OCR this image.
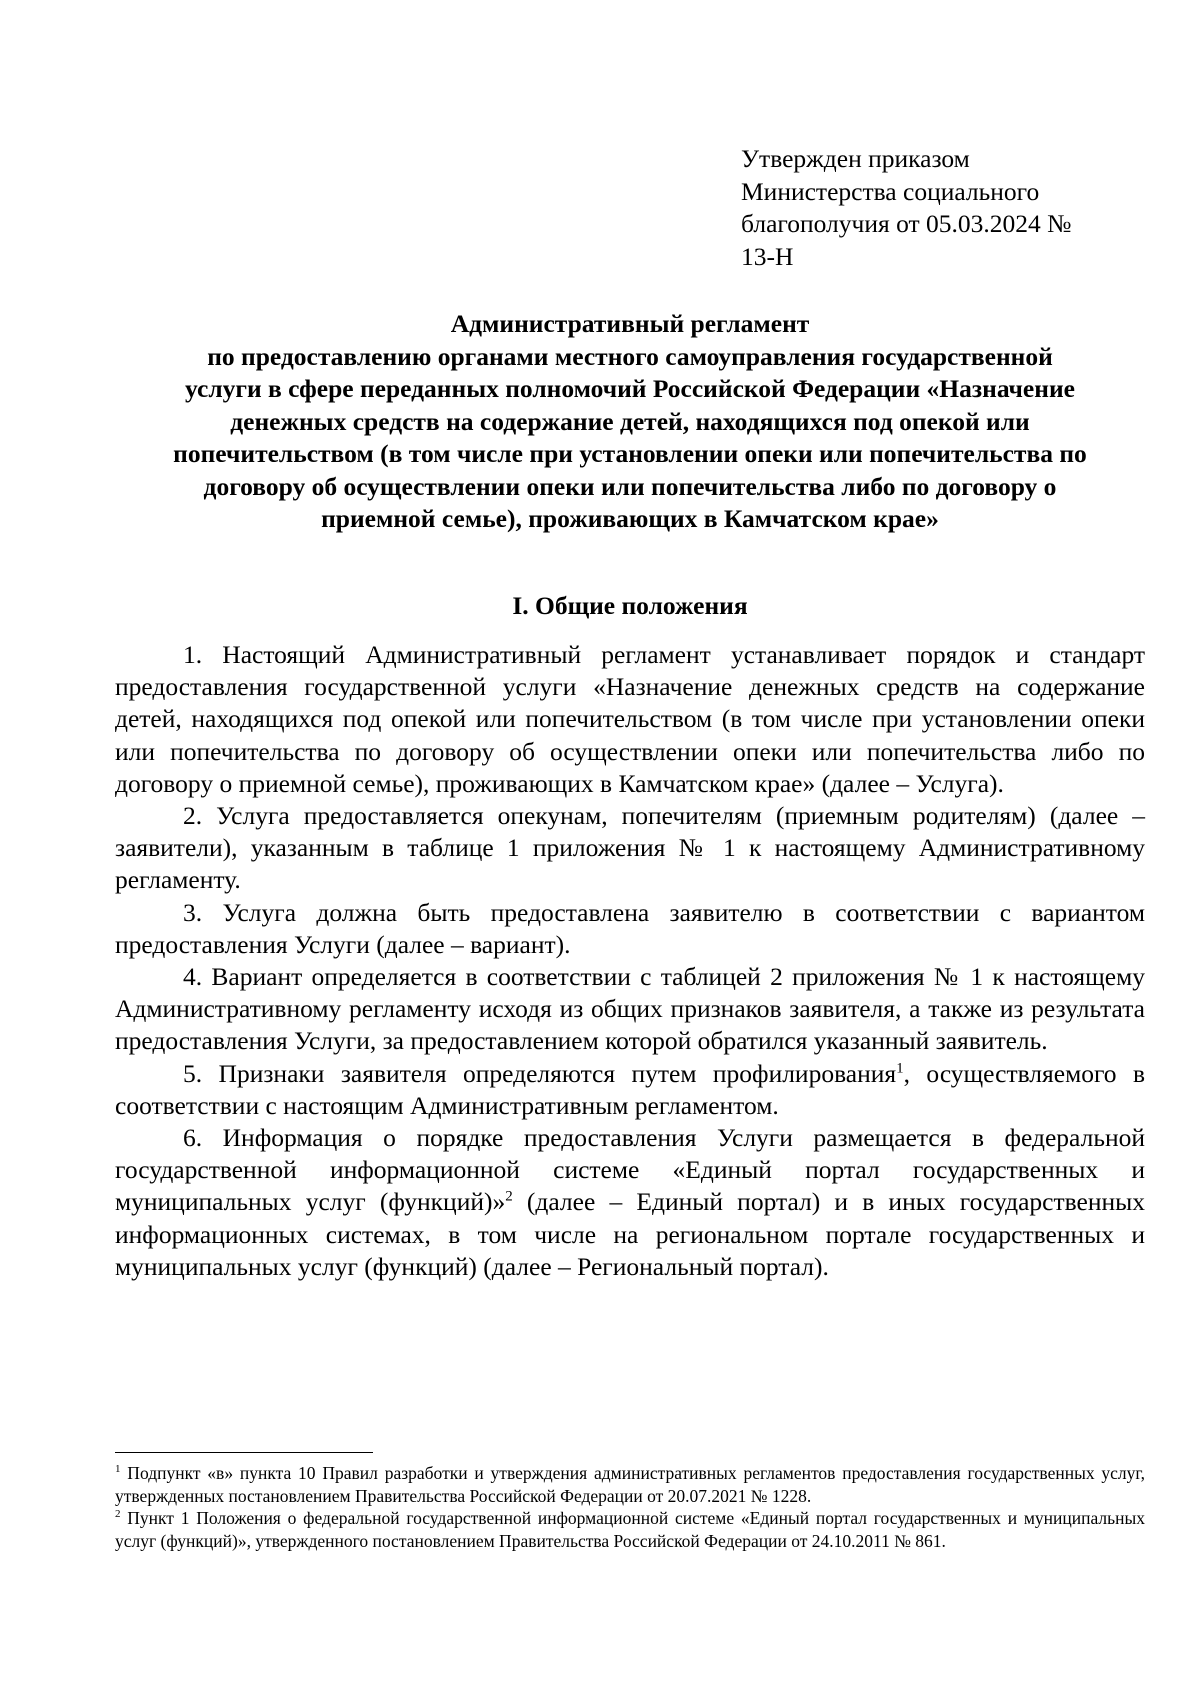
Утвержден приказом
Министерства социального
благополучия от 05.03.2024 №
13-Н
Административный регламент
по предоставлению органами местного самоуправления государственной
услуги в сфере переданных полномочий Российской Федерации «Назначение
денежных средств на содержание детей, находящихся под опекой или
попечительством (в том числе при установлении опеки или попечительства по
договору об осуществлении опеки или попечительства либо по договору о
приемной семье), проживающих в Камчатском крае»
I. Общие положения

1. Настоящий Административный регламент устанавливает порядок и стандарт предоставления государственной услуги «Назначение денежных средств на содержание детей, находящихся под опекой или попечительством (в том числе при установлении опеки или попечительства по договору об осуществлении опеки или попечительства либо по договору о приемной семье), проживающих в Камчатском крае» (далее – Услуга).

2. Услуга предоставляется опекунам, попечителям (приемным родителям) (далее – заявители), указанным в таблице 1 приложения № 1 к настоящему Административному регламенту.

3. Услуга должна быть предоставлена заявителю в соответствии с вариантом предоставления Услуги (далее – вариант).

4. Вариант определяется в соответствии с таблицей 2 приложения № 1 к настоящему Административному регламенту исходя из общих признаков заявителя, а также из результата предоставления Услуги, за предоставлением которой обратился указанный заявитель.

5. Признаки заявителя определяются путем профилирования$^1$, осуществляемого в соответствии с настоящим Административным регламентом.

6. Информация о порядке предоставления Услуги размещается в федеральной государственной информационной системе «Единый портал государственных и муниципальных услуг (функций)»$^2$ (далее – Единый портал) и в иных государственных информационных системах, в том числе на региональном портале государственных и муниципальных услуг (функций) (далее – Региональный портал).

$^1$ Подпункт «в» пункта 10 Правил разработки и утверждения административных регламентов предоставления государственных услуг, утвержденных постановлением Правительства Российской Федерации от 20.07.2021 № 1228.

$^2$ Пункт 1 Положения о федеральной государственной информационной системе «Единый портал государственных и муниципальных услуг (функций)», утвержденного постановлением Правительства Российской Федерации от 24.10.2011 № 861.
